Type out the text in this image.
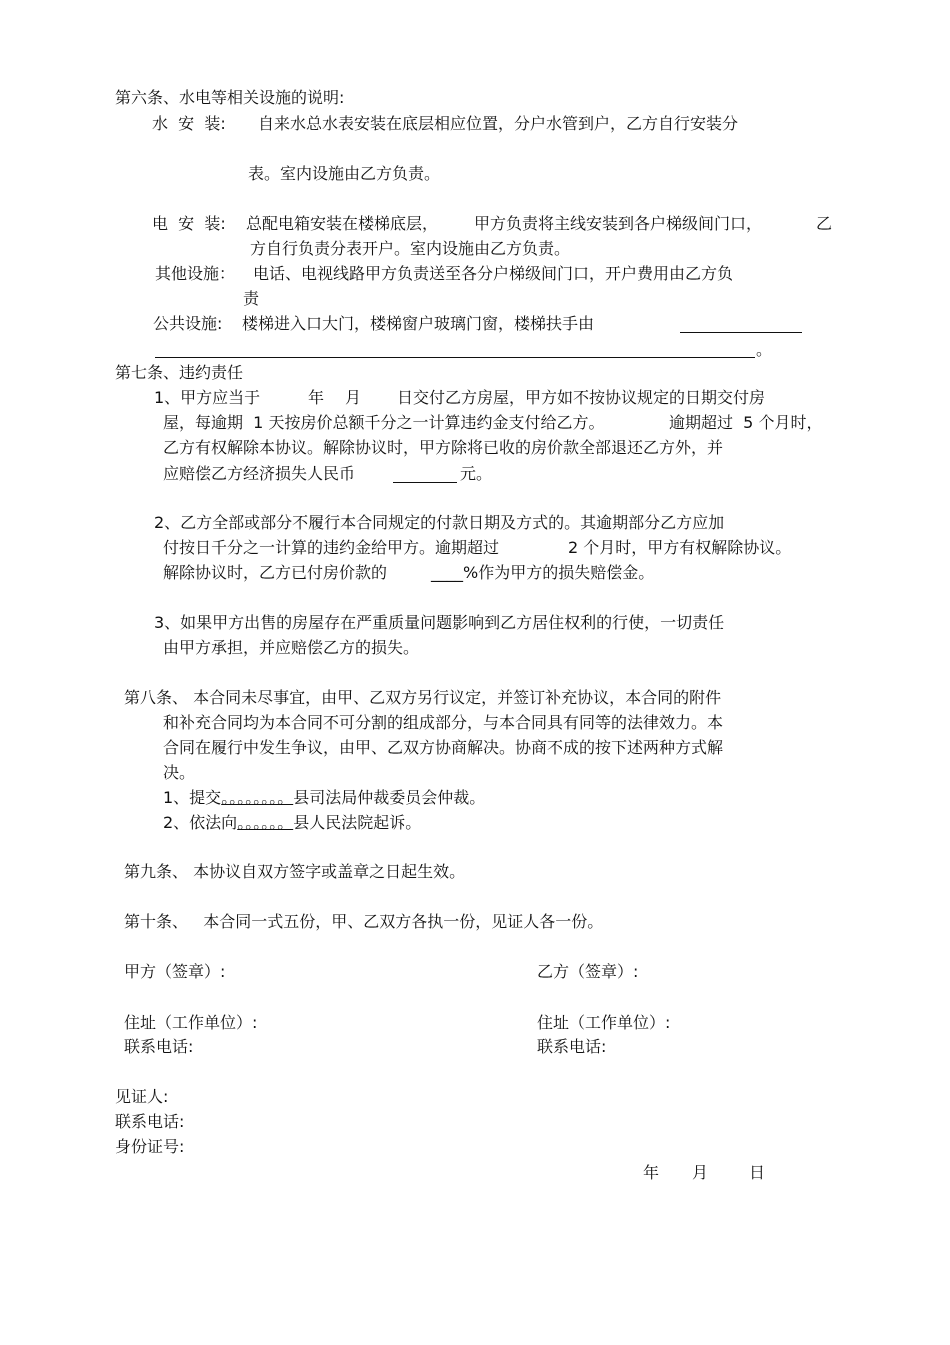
第六条、水电等相关设施的说明:
水  安  装: 自来水总水表安装在底层相应位置，分户水管到户，乙方自行安装分
表。室内设施由乙方负责。
电  安  装: 总配电箱安装在楼梯底层， 甲方负责将主线安装到各户梯级间门口，	乙
方自行负责分表开户。室内设施由乙方负责。
其他设施： 电话、电视线路甲方负责送至各分户梯级间门口，开户费用由乙方负
责
公共设施: 楼梯进入口大门，楼梯窗户玻璃门窗，楼梯扶手由
。
第七条、违约责任
1、甲方应当于	年 月 日交付乙方房屋，甲方如不按协议规定的日期交付房
屋，每逾期  1 天按房价总额千分之一计算违约金支付给乙方。	逾期超过  5 个月时，
乙方有权解除本协议。解除协议时，甲方除将已收的房价款全部退还乙方外，并
应赔偿乙方经济损失人民币	元。
2、乙方全部或部分不履行本合同规定的付款日期及方式的。其逾期部分乙方应加
付按日千分之一计算的违约金给甲方。逾期超过	2 个月时，甲方有权解除协议。
解除协议时，乙方已付房价款的	____%作为甲方的损失赔偿金。
3、如果甲方出售的房屋存在严重质量问题影响到乙方居住权利的行使，一切责任
由甲方承担，并应赔偿乙方的损失。
第八条、 本合同未尽事宜，由甲、乙双方另行议定，并签订补充协议，本合同的附件
和补充合同均为本合同不可分割的组成部分，与本合同具有同等的法律效力。本
合同在履行中发生争议，由甲、乙双方协商解决。协商不成的按下述两种方式解
决。
1、提交。。。。。。。。县司法局仲裁委员会仲裁。
2、依法向。。。。。。县人民法院起诉。
第九条、 本协议自双方签字或盖章之日起生效。
第十条、   本合同一式五份，甲、乙双方各执一份，见证人各一份。
甲方（签章）:	乙方（签章）:
住址（工作单位）:	住址（工作单位）:
联系电话:	联系电话:
见证人:
联系电话:
身份证号:
年 月	日
